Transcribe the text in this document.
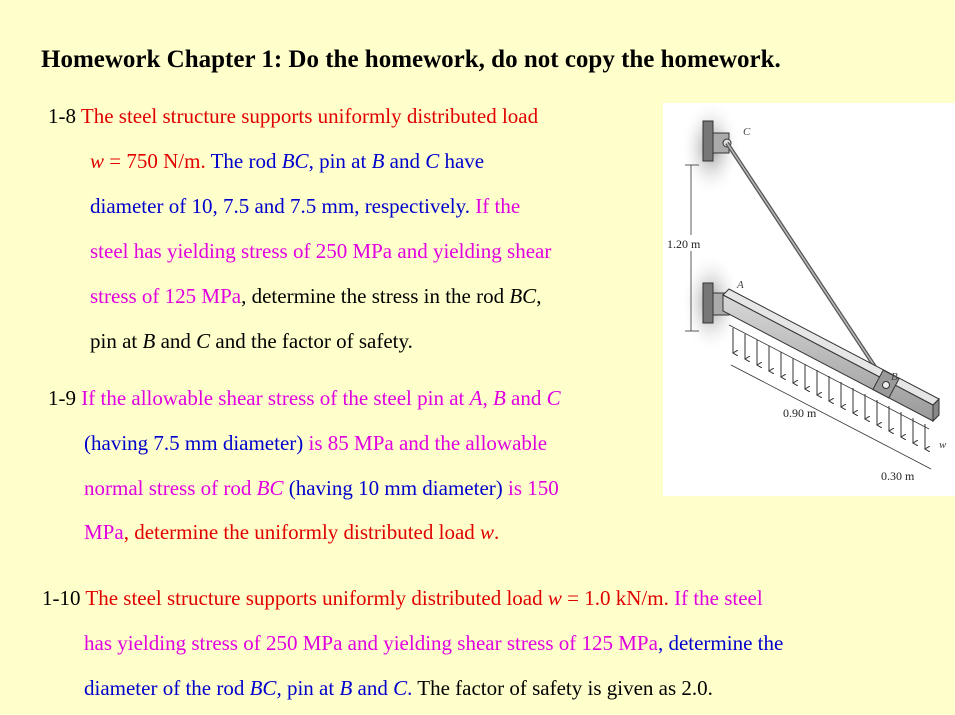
Homework Chapter 1: Do the homework, do not copy the homework.
1-8 The steel structure supports uniformly distributed load
w = 750 N/m. The rod BC, pin at B and C have
diameter of 10, 7.5 and 7.5 mm, respectively. If the
steel has yielding stress of 250 MPa and yielding shear
stress of 125 MPa, determine the stress in the rod BC,
pin at B and C and the factor of safety.
1-9 If the allowable shear stress of the steel pin at A, B and C
(having 7.5 mm diameter) is 85 MPa and the allowable
normal stress of rod BC (having 10 mm diameter) is 150
MPa, determine the uniformly distributed load w.
1-10 The steel structure supports uniformly distributed load w = 1.0 kN/m. If the steel
has yielding stress of 250 MPa and yielding shear stress of 125 MPa, determine the
diameter of the rod BC, pin at B and C. The factor of safety is given as 2.0.
1.20 m
0.90 m
0.30 m
C
A
B
w
